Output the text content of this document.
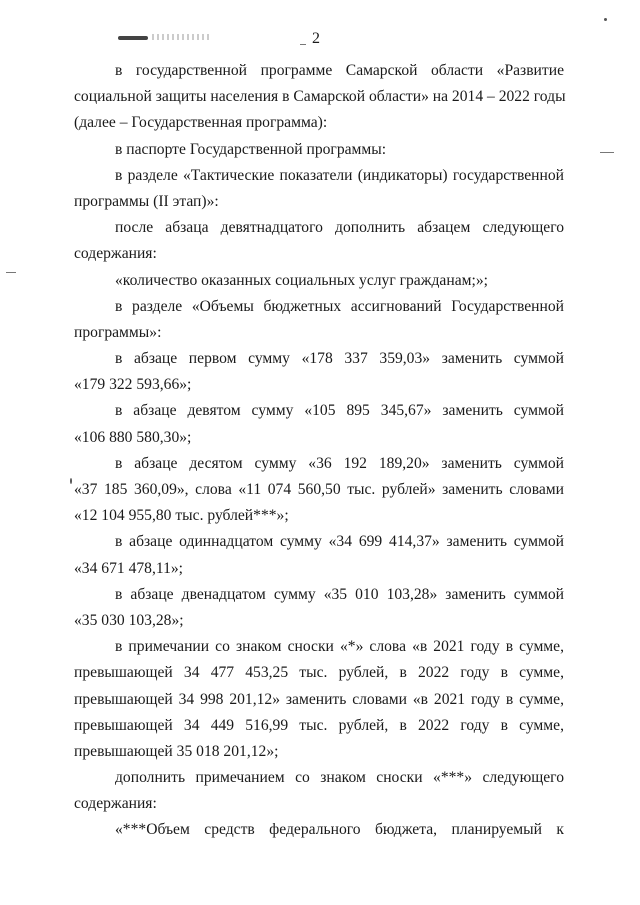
2
в государственной программе Самарской области «Развитие
социальной защиты населения в Самарской области» на 2014 – 2022 годы
(далее – Государственная программа):
в паспорте Государственной программы:
в разделе «Тактические показатели (индикаторы) государственной
программы (II этап)»:
после абзаца девятнадцатого дополнить абзацем следующего
содержания:
«количество оказанных социальных услуг гражданам;»;
в разделе «Объемы бюджетных ассигнований Государственной
программы»:
в абзаце первом сумму «178 337 359,03» заменить суммой
«179 322 593,66»;
в абзаце девятом сумму «105 895 345,67» заменить суммой
«106 880 580,30»;
в абзаце десятом сумму «36 192 189,20» заменить суммой
«37 185 360,09», слова «11 074 560,50 тыс. рублей» заменить словами
«12 104 955,80 тыс. рублей***»;
в абзаце одиннадцатом сумму «34 699 414,37» заменить суммой
«34 671 478,11»;
в абзаце двенадцатом сумму «35 010 103,28» заменить суммой
«35 030 103,28»;
в примечании со знаком сноски «*» слова «в 2021 году в сумме,
превышающей 34 477 453,25 тыс. рублей, в 2022 году в сумме,
превышающей 34 998 201,12» заменить словами «в 2021 году в сумме,
превышающей 34 449 516,99 тыс. рублей, в 2022 году в сумме,
превышающей 35 018 201,12»;
дополнить примечанием со знаком сноски «***» следующего
содержания:
«***Объем средств федерального бюджета, планируемый к
